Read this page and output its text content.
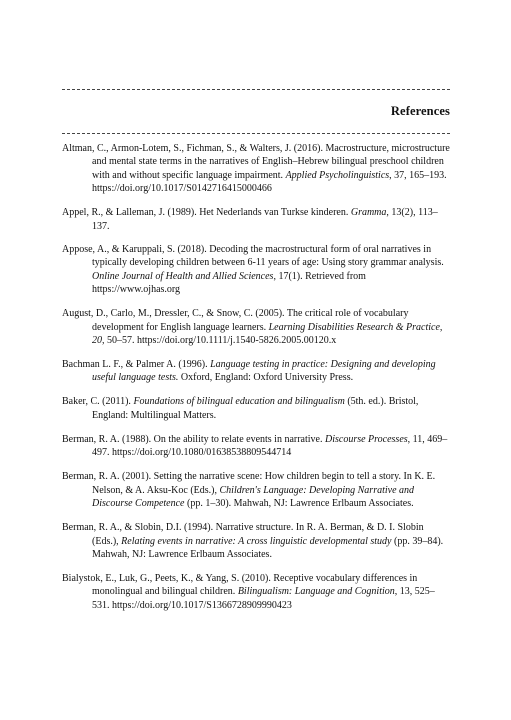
References

Altman, C., Armon-Lotem, S., Fichman, S., & Walters, J. (2016). Macrostructure, microstructure and mental state terms in the narratives of English–Hebrew bilingual preschool children with and without specific language impairment. Applied Psycholinguistics, 37, 165–193. https://doi.org/10.1017/S0142716415000466

Appel, R., & Lalleman, J. (1989). Het Nederlands van Turkse kinderen. Gramma, 13(2), 113–137.

Appose, A., & Karuppali, S. (2018). Decoding the macrostructural form of oral narratives in typically developing children between 6-11 years of age: Using story grammar analysis. Online Journal of Health and Allied Sciences, 17(1). Retrieved from https://www.ojhas.org

August, D., Carlo, M., Dressler, C., & Snow, C. (2005). The critical role of vocabulary development for English language learners. Learning Disabilities Research & Practice, 20, 50–57. https://doi.org/10.1111/j.1540-5826.2005.00120.x

Bachman L. F., & Palmer A. (1996). Language testing in practice: Designing and developing useful language tests. Oxford, England: Oxford University Press.

Baker, C. (2011). Foundations of bilingual education and bilingualism (5th. ed.). Bristol, England: Multilingual Matters.

Berman, R. A. (1988). On the ability to relate events in narrative. Discourse Processes, 11, 469–497. https://doi.org/10.1080/01638538809544714

Berman, R. A. (2001). Setting the narrative scene: How children begin to tell a story. In K. E. Nelson, & A. Aksu-Koc (Eds.), Children's Language: Developing Narrative and Discourse Competence (pp. 1–30). Mahwah, NJ: Lawrence Erlbaum Associates.

Berman, R. A., & Slobin, D.I. (1994). Narrative structure. In R. A. Berman, & D. I. Slobin (Eds.), Relating events in narrative: A cross linguistic developmental study (pp. 39–84). Mahwah, NJ: Lawrence Erlbaum Associates.

Bialystok, E., Luk, G., Peets, K., & Yang, S. (2010). Receptive vocabulary differences in monolingual and bilingual children. Bilingualism: Language and Cognition, 13, 525–531. https://doi.org/10.1017/S1366728909990423
